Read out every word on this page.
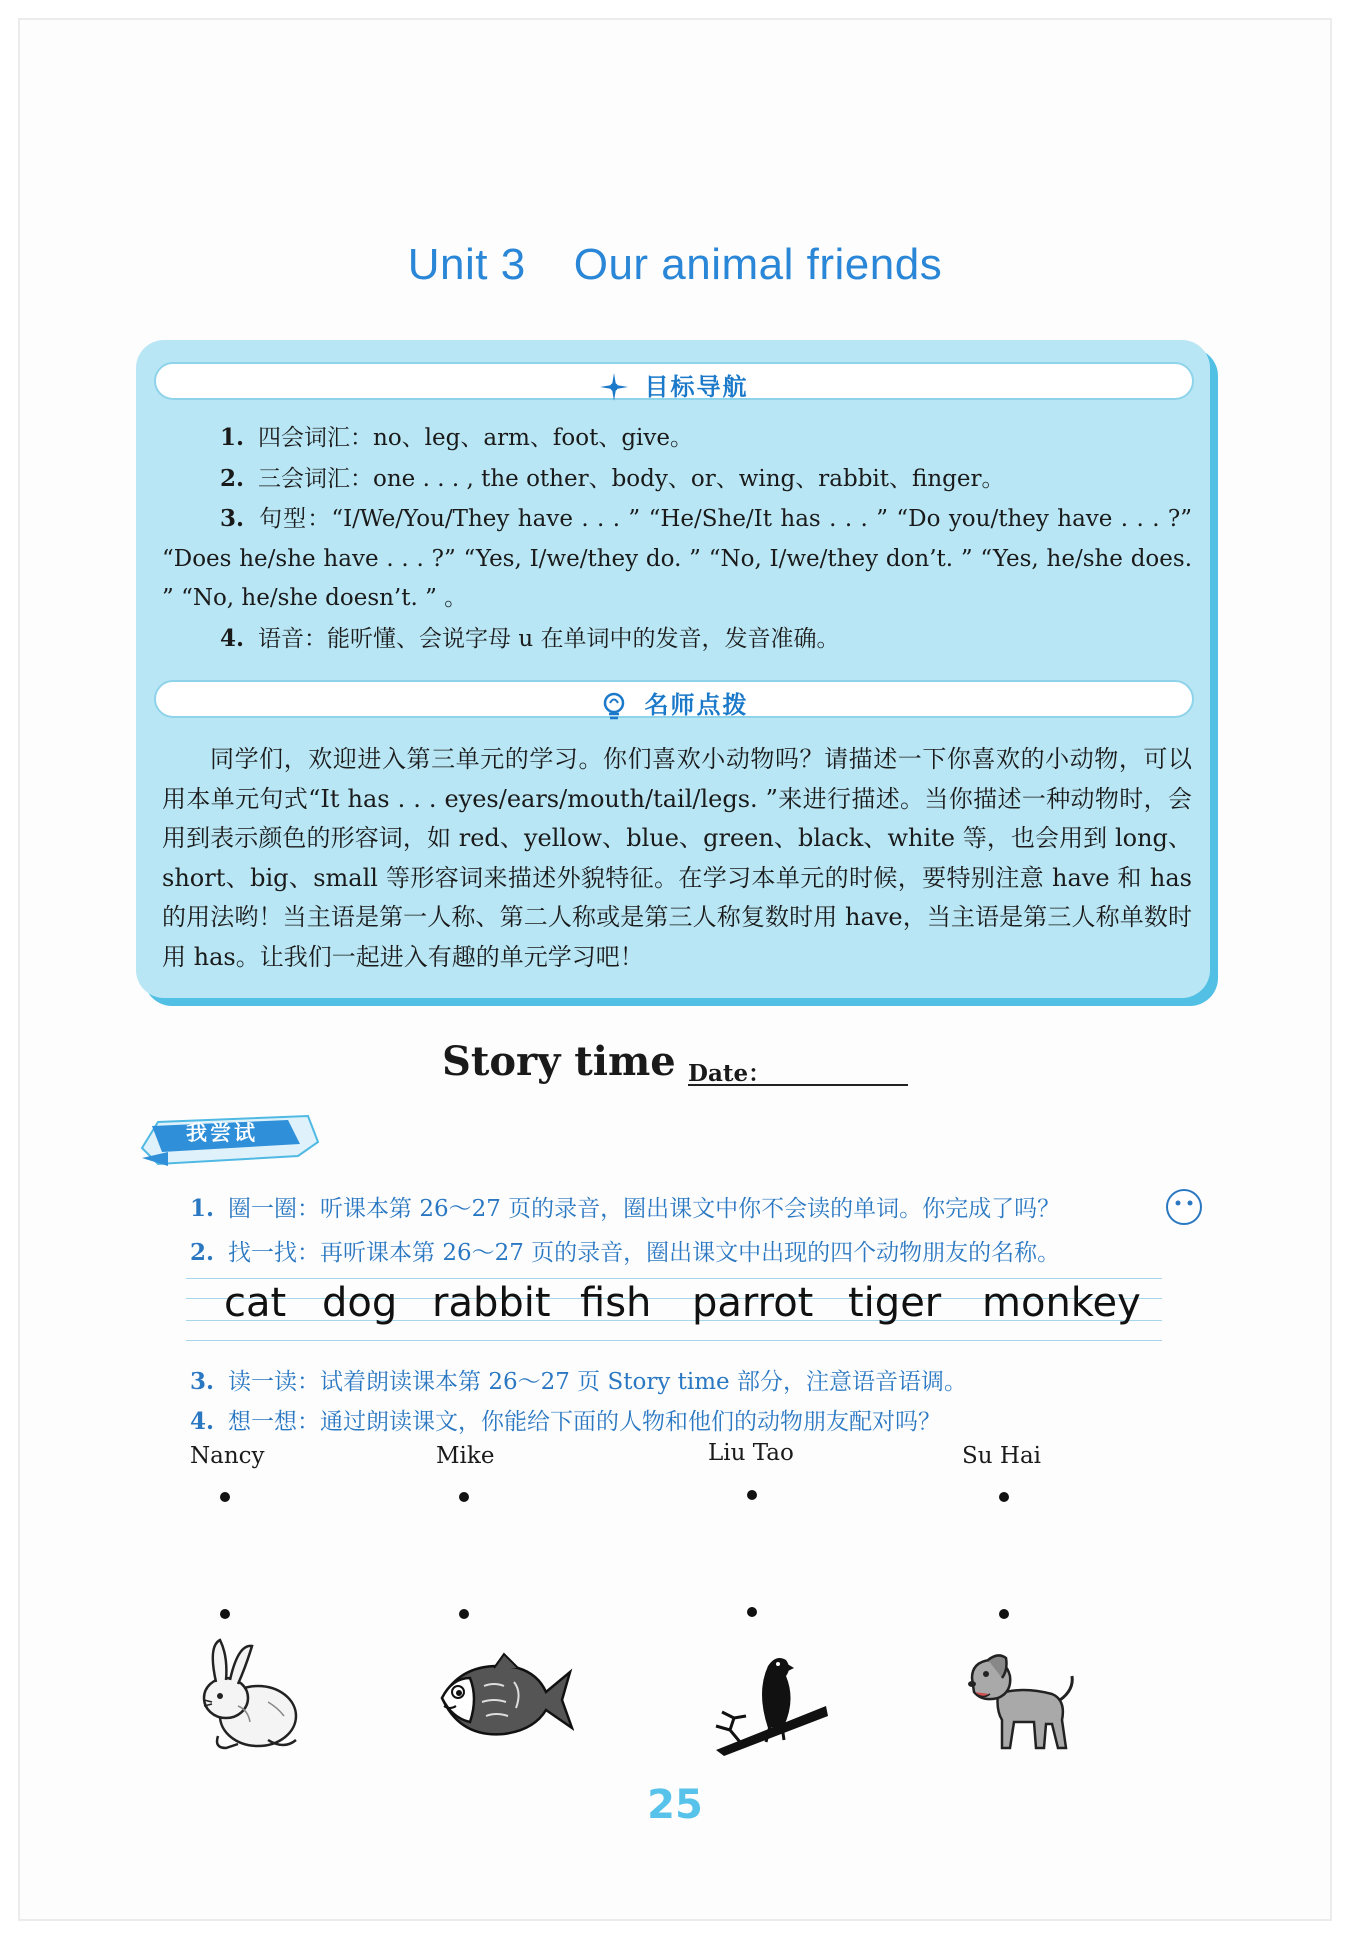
Unit 3 Our animal friends
目标导航
1. 四会词汇：no、leg、arm、foot、give。
2. 三会词汇：one . . . , the other、body、or、wing、rabbit、finger。
3. 句型：“I/We/You/They have . . . ” “He/She/It has . . . ” “Do you/they have . . . ?” “Does he/she have . . . ?” “Yes, I/we/they do. ” “No, I/we/they don’t. ” “Yes, he/she does. ” “No, he/she doesn’t. ” 。
4. 语音：能听懂、会说字母 u 在单词中的发音，发音准确。
名师点拨
同学们，欢迎进入第三单元的学习。你们喜欢小动物吗？请描述一下你喜欢的小动物，可以用本单元句式“It has . . . eyes/ears/mouth/tail/legs. ”来进行描述。当你描述一种动物时，会用到表示颜色的形容词，如 red、yellow、blue、green、black、white 等，也会用到 long、short、big、small 等形容词来描述外貌特征。在学习本单元的时候，要特别注意 have 和 has 的用法哟！当主语是第一人称、第二人称或是第三人称复数时用 have，当主语是第三人称单数时用 has。让我们一起进入有趣的单元学习吧！
Story time Date：
我尝试
1. 圈一圈：听课本第 26～27 页的录音，圈出课文中你不会读的单词。你完成了吗？
2. 找一找：再听课本第 26～27 页的录音，圈出课文中出现的四个动物朋友的名称。
cat dog rabbit fish parrot tiger monkey
3. 读一读：试着朗读课本第 26～27 页 Story time 部分，注意语音语调。
4. 想一想：通过朗读课文，你能给下面的人物和他们的动物朋友配对吗？
Nancy	Mike	Liu Tao	Su Hai
25
